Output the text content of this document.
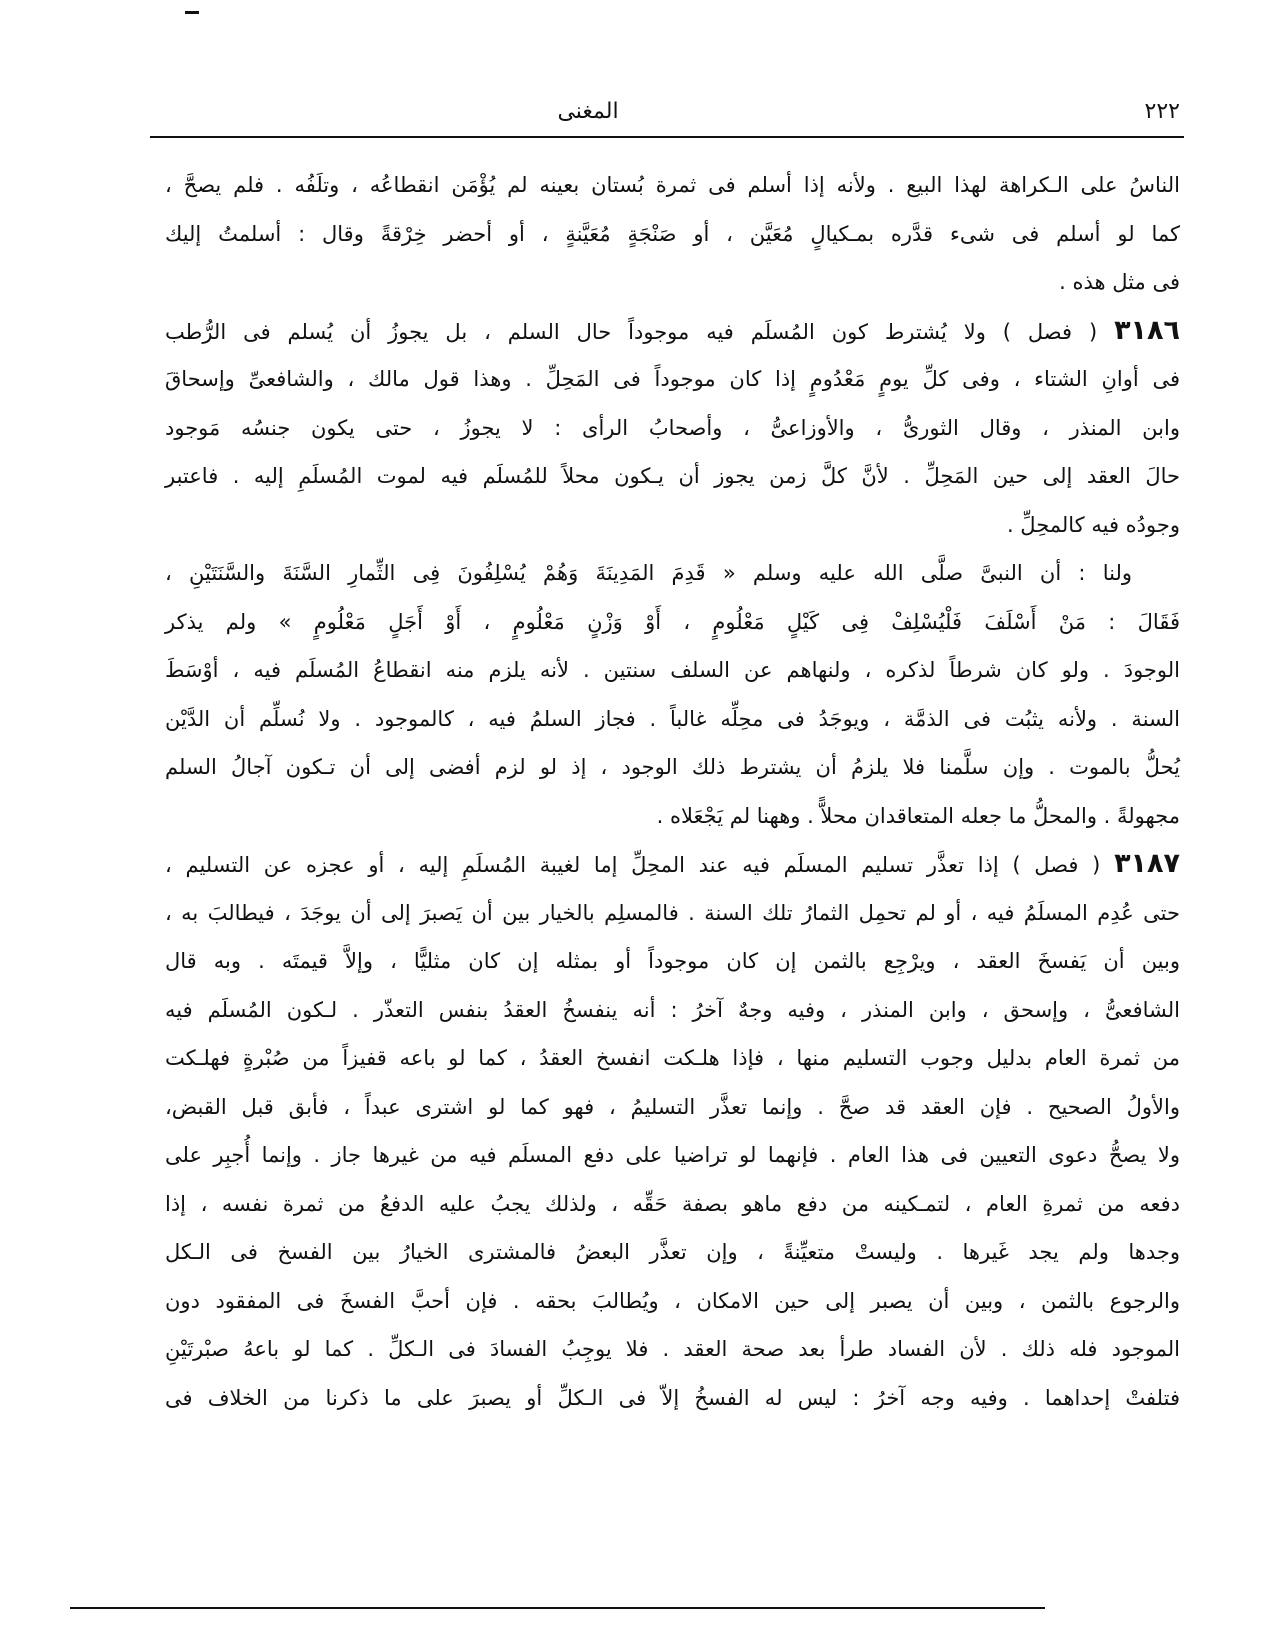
٢٢٢
المغنى
الناسُ على الـكراهة لهذا البيع . ولأنه إذا أسلم فى ثمرة بُستان بعينه لم يُؤْمَن انقطاعُه ، وتلَفُه . فلم يصحَّ ،
كما لو أسلم فى شىء قدَّره بمـكيالٍ مُعَيَّن ، أو صَنْجَةٍ مُعَيَّنةٍ ، أو أحضر خِرْقةً وقال : أسلمتُ إليك
فى مثل هذه .
٣١٨٦ ( فصل ) ولا يُشترط كون المُسلَم فيه موجوداً حال السلم ، بل يجوزُ أن يُسلم فى الرُّطب
فى أوانِ الشتاء ، وفى كلِّ يومٍ مَعْدُومٍ إذا كان موجوداً فى المَحِلِّ . وهذا قول مالك ، والشافعىِّ وإسحاقَ
وابن المنذر ، وقال الثورىُّ ، والأوزاعىُّ ، وأصحابُ الرأى : لا يجوزُ ، حتى يكون جنسُه مَوجود
حالَ العقد إلى حين المَحِلِّ . لأنَّ كلَّ زمن يجوز أن يـكون محلاً للمُسلَم فيه لموت المُسلَمِ إليه . فاعتبر
وجودُه فيه كالمحِلِّ .
ولنا : أن النبىَّ صلَّى الله عليه وسلم « قَدِمَ المَدِينَةَ وَهُمْ يُسْلِفُونَ فِى الثِّمارِ السَّنَةَ والسَّنَتَيْنِ ،
فَقَالَ : مَنْ أَسْلَفَ فَلْيُسْلِفْ فِى كَيْلٍ مَعْلُومٍ ، أَوْ وَزْنٍ مَعْلُومٍ ، أَوْ أَجَلٍ مَعْلُومٍ » ولم يذكر
الوجودَ . ولو كان شرطاً لذكره ، ولنهاهم عن السلف سنتين . لأنه يلزم منه انقطاعُ المُسلَم فيه ، أوْسَطَ
السنة . ولأنه يثبُت فى الذمَّة ، ويوجَدُ فى محِلِّه غالباً . فجاز السلمُ فيه ، كالموجود . ولا نُسلِّم أن الدَّيْن
يُحلُّ بالموت . وإن سلَّمنا فلا يلزمُ أن يشترط ذلك الوجود ، إذ لو لزم أفضى إلى أن تـكون آجالُ السلم
مجهولةً . والمحلُّ ما جعله المتعاقدان محلاًّ . وههنا لم يَجْعَلاه .
٣١٨٧ ( فصل ) إذا تعذَّر تسليم المسلَم فيه عند المحِلِّ إما لغيبة المُسلَمِ إليه ، أو عجزه عن التسليم ،
حتى عُدِم المسلَمُ فيه ، أو لم تحمِل الثمارُ تلك السنة . فالمسلِم بالخيار بين أن يَصبرَ إلى أن يوجَدَ ، فيطالبَ به ،
وبين أن يَفسخَ العقد ، ويرْجِع بالثمن إن كان موجوداً أو بمثله إن كان مثليًّا ، وإلاَّ قيمتَه . وبه قال
الشافعىُّ ، وإسحق ، وابن المنذر ، وفيه وجهٌ آخرُ : أنه ينفسخُ العقدُ بنفس التعذّر . لـكون المُسلَم فيه
من ثمرة العام بدليل وجوب التسليم منها ، فإذا هلـكت انفسخ العقدُ ، كما لو باعه قفيزاً من صُبْرةٍ فهلـكت
والأولُ الصحيح . فإن العقد قد صحَّ . وإنما تعذَّر التسليمُ ، فهو كما لو اشترى عبداً ، فأبق قبل القبض،
ولا يصحُّ دعوى التعيين فى هذا العام . فإنهما لو تراضيا على دفع المسلَم فيه من غيرها جاز . وإنما أُجبِر على
دفعه من ثمرةِ العام ، لتمـكينه من دفع ماهو بصفة حَقِّه ، ولذلك يجبُ عليه الدفعُ من ثمرة نفسه ، إذا
وجدها ولم يجد غَيرها . وليستْ متعيِّنةً ، وإن تعذَّر البعضُ فالمشترى الخيارُ بين الفسخ فى الـكل
والرجوع بالثمن ، وبين أن يصبر إلى حين الامكان ، ويُطالبَ بحقه . فإن أحبَّ الفسخَ فى المفقود دون
الموجود فله ذلك . لأن الفساد طرأ بعد صحة العقد . فلا يوجِبُ الفسادَ فى الـكلِّ . كما لو باعهُ صبْرتَيْنِ
فتلفتْ إحداهما . وفيه وجه آخرُ : ليس له الفسخُ إلاّ فى الـكلِّ أو يصبرَ على ما ذكرنا من الخلاف فى
